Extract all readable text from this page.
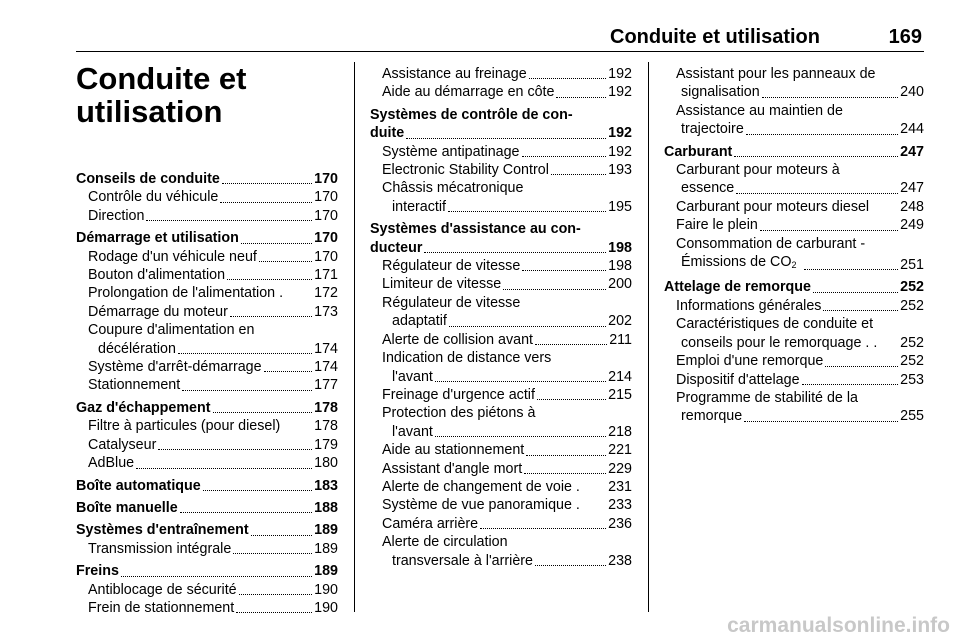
Conduite et utilisation	169
Conduite et
utilisation
Conseils de conduite	170
Contrôle du véhicule	170
Direction	170
Démarrage et utilisation	170
Rodage d'un véhicule neuf	170
Bouton d'alimentation	171
Prolongation de l'alimentation . 172
Démarrage du moteur	173
Coupure d'alimentation en
décélération	174
Système d'arrêt-démarrage	174
Stationnement	177
Gaz d'échappement	178
Filtre à particules (pour diesel) 178
Catalyseur	179
AdBlue	180
Boîte automatique	183
Boîte manuelle	188
Systèmes d'entraînement	189
Transmission intégrale	189
Freins	189
Antiblocage de sécurité	190
Frein de stationnement	190
Assistance au freinage	192
Aide au démarrage en côte	192
Systèmes de contrôle de con-
duite	192
Système antipatinage	192
Electronic Stability Control	193
Châssis mécatronique
interactif	195
Systèmes d'assistance au con-
ducteur	198
Régulateur de vitesse	198
Limiteur de vitesse	200
Régulateur de vitesse
adaptatif	202
Alerte de collision avant	211
Indication de distance vers
l'avant	214
Freinage d'urgence actif	215
Protection des piétons à
l'avant	218
Aide au stationnement	221
Assistant d'angle mort	229
Alerte de changement de voie . 231
Système de vue panoramique . 233
Caméra arrière	236
Alerte de circulation
transversale à l'arrière	238
Assistant pour les panneaux de
signalisation	240
Assistance au maintien de
trajectoire	244
Carburant	247
Carburant pour moteurs à
essence	247
Carburant pour moteurs diesel 248
Faire le plein	249
Consommation de carburant -
Émissions de $CO_2$	251
Attelage de remorque	252
Informations générales	252
Caractéristiques de conduite et
conseils pour le remorquage . . 252
Emploi d'une remorque	252
Dispositif d'attelage	253
Programme de stabilité de la
remorque	255
carmanualsonline.info
